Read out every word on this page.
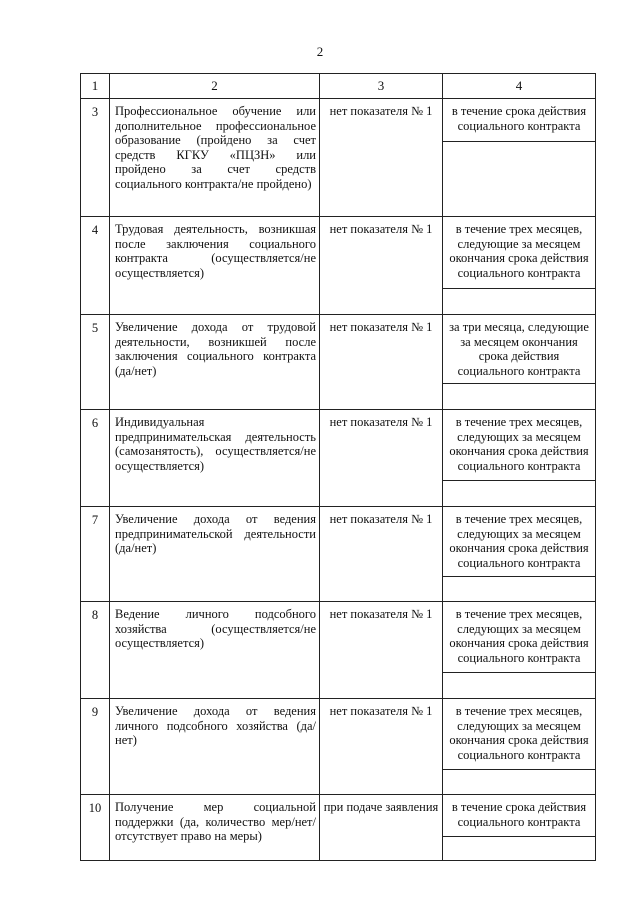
2
1	2	3	4
3	Профессиональное обучение или дополнительное профессиональное образование (пройдено за счет средств КГКУ «ПЦЗН» или пройдено за счет средств социального контракта/не пройдено)	нет показателя № 1	в течение срока действия социального контракта

4	Трудовая деятельность, возникшая после заключения социального контракта (осуществляется/не осуществляется)	нет показателя № 1	в течение трех месяцев, следующие за месяцем окончания срока действия социального контракта

5	Увеличение дохода от трудовой деятельности, возникшей после заключения социального контракта (да/нет)	нет показателя № 1	за три месяца, следующие за месяцем окончания срока действия социального контракта

6	Индивидуальная предпринимательская деятельность (самозанятость), осуществляется/не осуществляется)	нет показателя № 1	в течение трех месяцев, следующих за месяцем окончания срока действия социального контракта

7	Увеличение дохода от ведения предпринимательской деятельности (да/нет)	нет показателя № 1	в течение трех месяцев, следующих за месяцем окончания срока действия социального контракта

8	Ведение личного подсобного хозяйства (осуществляется/не осуществляется)	нет показателя № 1	в течение трех месяцев, следующих за месяцем окончания срока действия социального контракта

9	Увеличение дохода от ведения личного подсобного хозяйства (да/нет)	нет показателя № 1	в течение трех месяцев, следующих за месяцем окончания срока действия социального контракта

10	Получение мер социальной поддержки (да, количество мер/нет/ отсутствует право на меры)	при подаче заявления	в течение срока действия социального контракта
